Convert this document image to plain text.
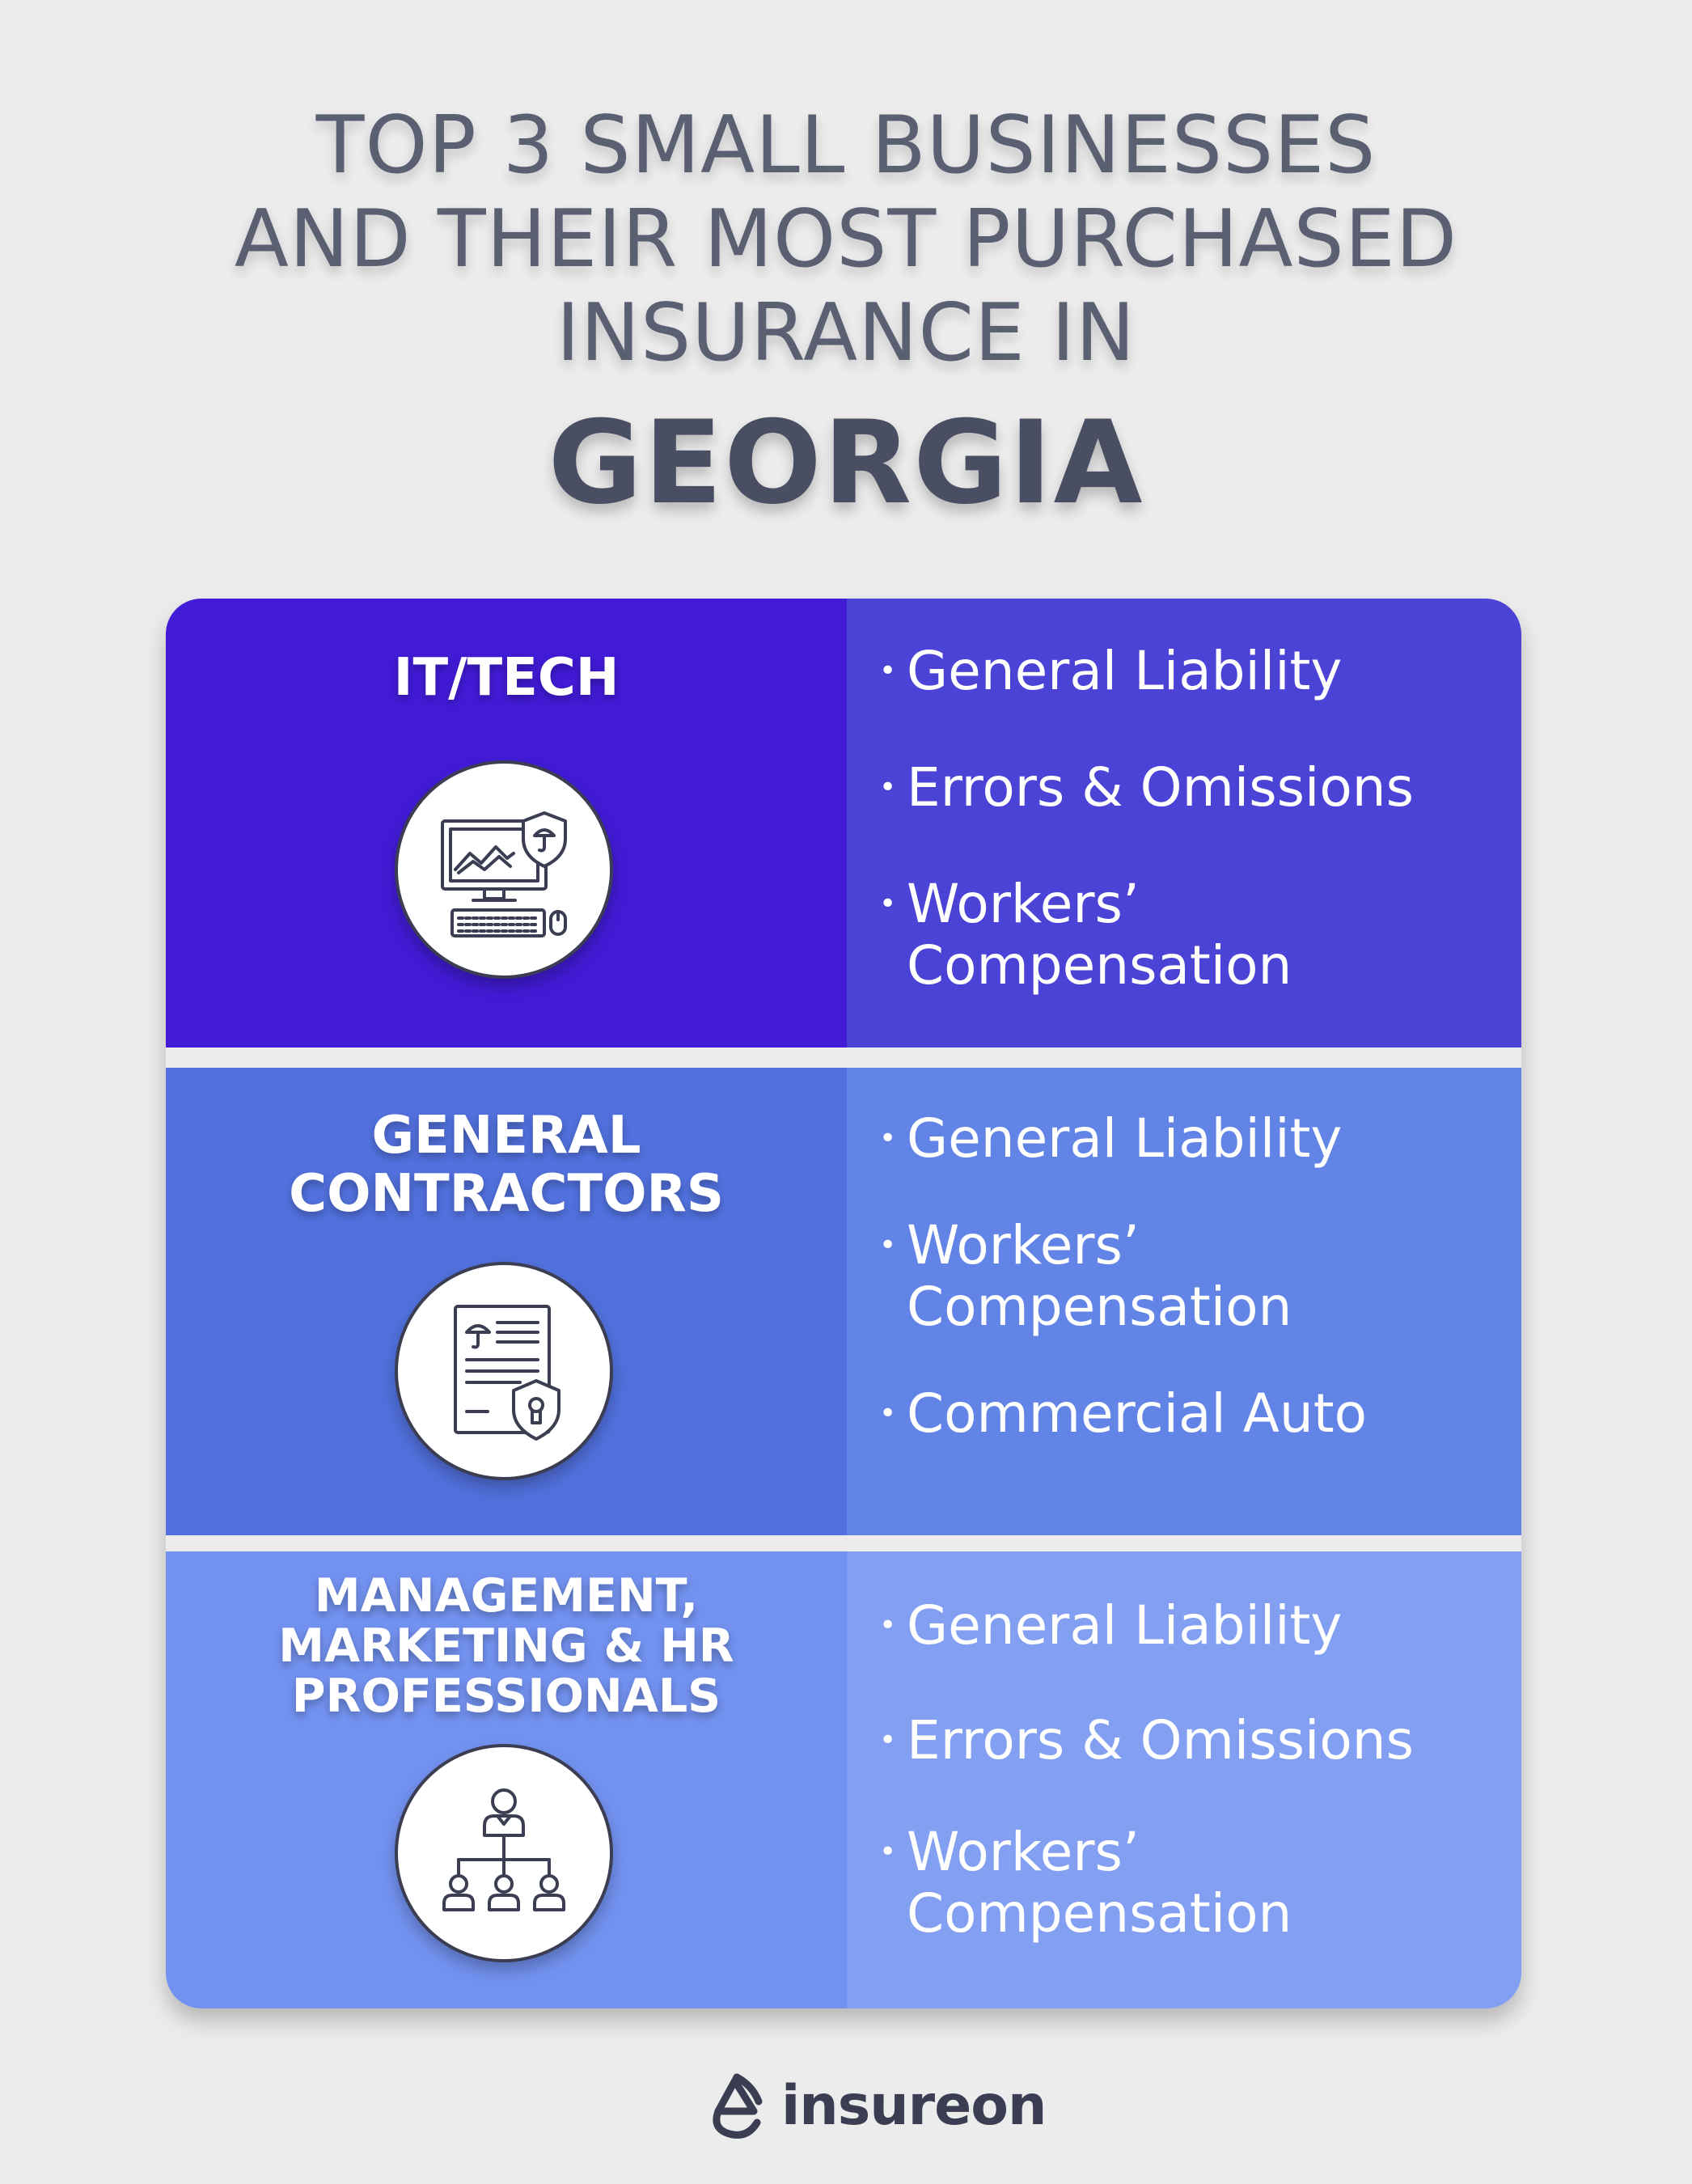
TOP 3 SMALL BUSINESSES
AND THEIR MOST PURCHASED
INSURANCE IN
GEORGIA
IT/TECH	• General Liability
• Errors & Omissions
• Workers’
Compensation
GENERAL
CONTRACTORS
• General Liability
• Workers’
Compensation
• Commercial Auto
MANAGEMENT,
MARKETING & HR
PROFESSIONALS
• General Liability
• Errors & Omissions
• Workers’
Compensation
insureon
